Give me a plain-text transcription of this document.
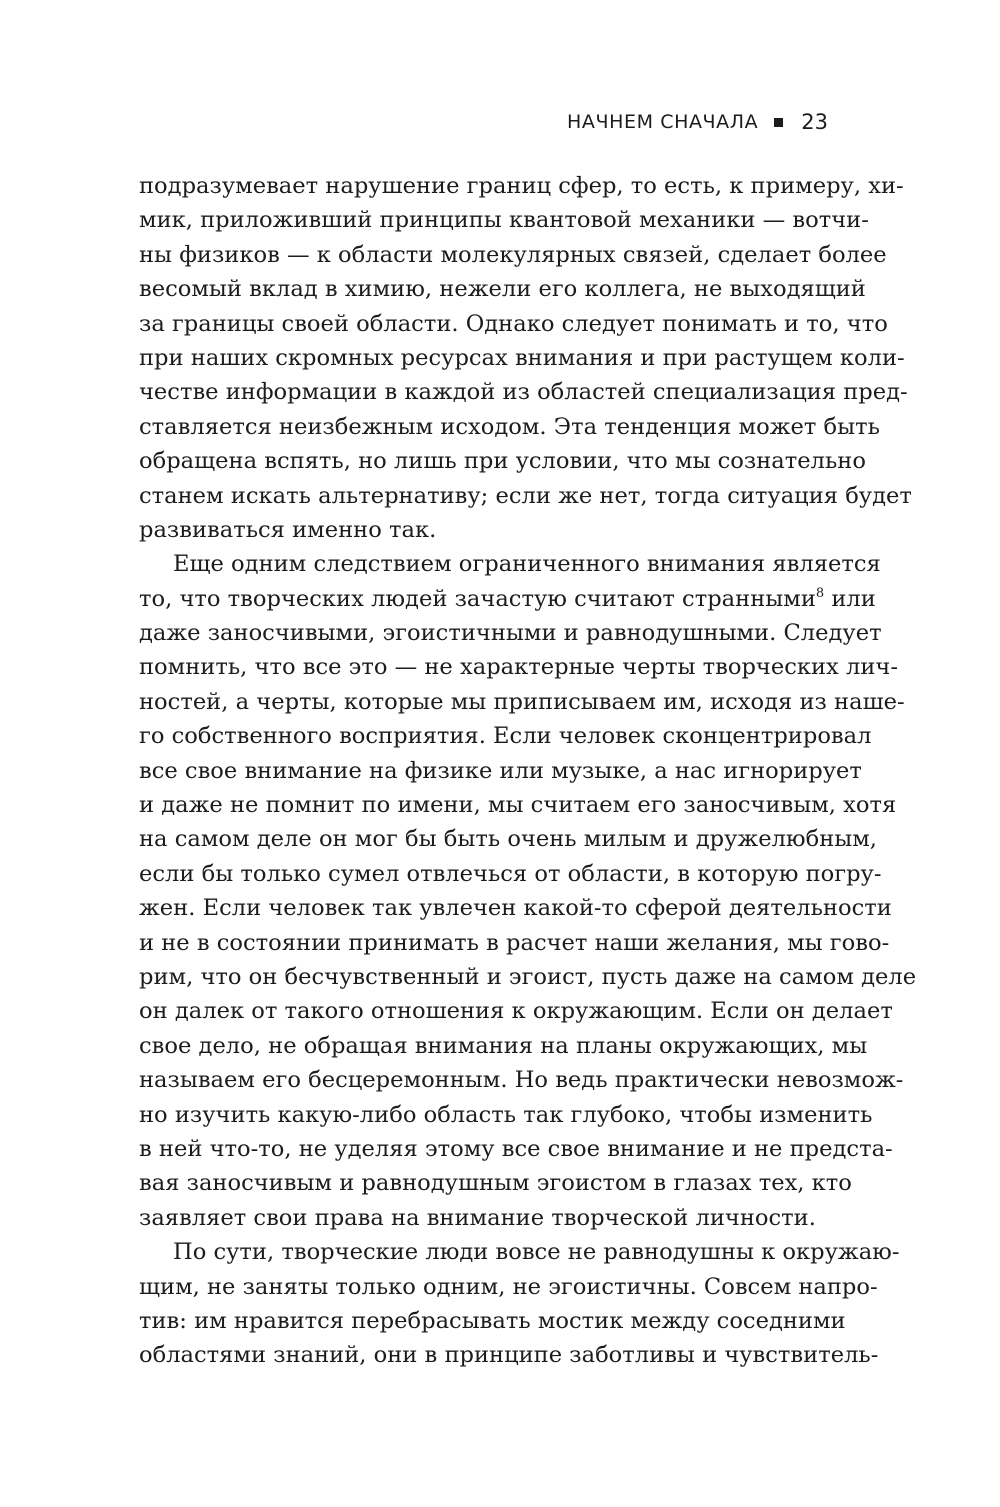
НАЧНЕМ СНАЧАЛА 23
подразумевает нарушение границ сфер, то есть, к примеру, хи-
мик, приложивший принципы квантовой механики — вотчи-
ны физиков — к области молекулярных связей, сделает более
весомый вклад в химию, нежели его коллега, не выходящий
за границы своей области. Однако следует понимать и то, что
при наших скромных ресурсах внимания и при растущем коли-
честве информации в каждой из областей специализация пред-
ставляется неизбежным исходом. Эта тенденция может быть
обращена вспять, но лишь при условии, что мы сознательно
станем искать альтернативу; если же нет, тогда ситуация будет
развиваться именно так.
Еще одним следствием ограниченного внимания является
то, что творческих людей зачастую считают странными$^8$ или
даже заносчивыми, эгоистичными и равнодушными. Следует
помнить, что все это — не характерные черты творческих лич-
ностей, а черты, которые мы приписываем им, исходя из наше-
го собственного восприятия. Если человек сконцентрировал
все свое внимание на физике или музыке, а нас игнорирует
и даже не помнит по имени, мы считаем его заносчивым, хотя
на самом деле он мог бы быть очень милым и дружелюбным,
если бы только сумел отвлечься от области, в которую погру-
жен. Если человек так увлечен какой-то сферой деятельности
и не в состоянии принимать в расчет наши желания, мы гово-
рим, что он бесчувственный и эгоист, пусть даже на самом деле
он далек от такого отношения к окружающим. Если он делает
свое дело, не обращая внимания на планы окружающих, мы
называем его бесцеремонным. Но ведь практически невозмож-
но изучить какую-либо область так глубоко, чтобы изменить
в ней что-то, не уделяя этому все свое внимание и не предста-
вая заносчивым и равнодушным эгоистом в глазах тех, кто
заявляет свои права на внимание творческой личности.
По сути, творческие люди вовсе не равнодушны к окружаю-
щим, не заняты только одним, не эгоистичны. Совсем напро-
тив: им нравится перебрасывать мостик между соседними
областями знаний, они в принципе заботливы и чувствитель-
